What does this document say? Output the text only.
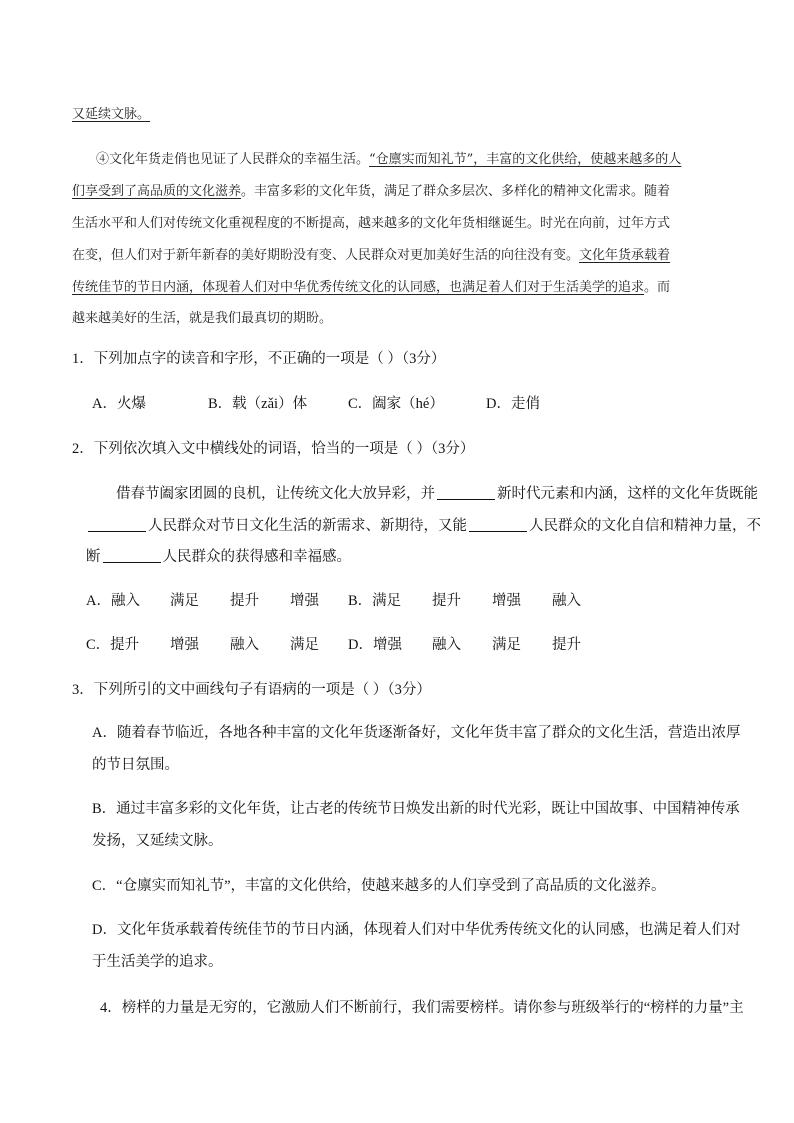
又延续文脉。
④文化年货走俏也见证了人民群众的幸福生活。“仓廪实而知礼节”，丰富的文化供给，使越来越多的人
们享受到了高品质的文化滋养。丰富多彩的文化年货，满足了群众多层次、多样化的精神文化需求。随着
生活水平和人们对传统文化重视程度的不断提高，越来越多的文化年货相继诞生。时光在向前，过年方式
在变，但人们对于新年新春的美好期盼没有变、人民群众对更加美好生活的向往没有变。文化年货承载着
传统佳节的节日内涵，体现着人们对中华优秀传统文化的认同感，也满足着人们对于生活美学的追求。而
越来越美好的生活，就是我们最真切的期盼。
1．下列加点字的读音和字形，不正确的一项是（ ）（3分）
A．火爆	B．载（zǎi）体	C．阖家（hé）	D．走俏
2．下列依次填入文中横线处的词语，恰当的一项是（ ）（3分）
借春节阖家团圆的良机，让传统文化大放异彩，并	新时代元素和内涵，这样的文化年货既能
人民群众对节日文化生活的新需求、新期待，又能	人民群众的文化自信和精神力量，不
断	人民群众的获得感和幸福感。
A．融入 满足 提升 增强 B．满足 提升 增强 融入
C．提升 增强 融入 满足 D．增强 融入 满足 提升
3．下列所引的文中画线句子有语病的一项是（ ）（3分）
A．随着春节临近，各地各种丰富的文化年货逐渐备好，文化年货丰富了群众的文化生活，营造出浓厚
的节日氛围。
B．通过丰富多彩的文化年货，让古老的传统节日焕发出新的时代光彩，既让中国故事、中国精神传承
发扬，又延续文脉。
C．“仓廪实而知礼节”，丰富的文化供给，使越来越多的人们享受到了高品质的文化滋养。
D．文化年货承载着传统佳节的节日内涵，体现着人们对中华优秀传统文化的认同感，也满足着人们对
于生活美学的追求。
4．榜样的力量是无穷的，它激励人们不断前行，我们需要榜样。请你参与班级举行的“榜样的力量”主
